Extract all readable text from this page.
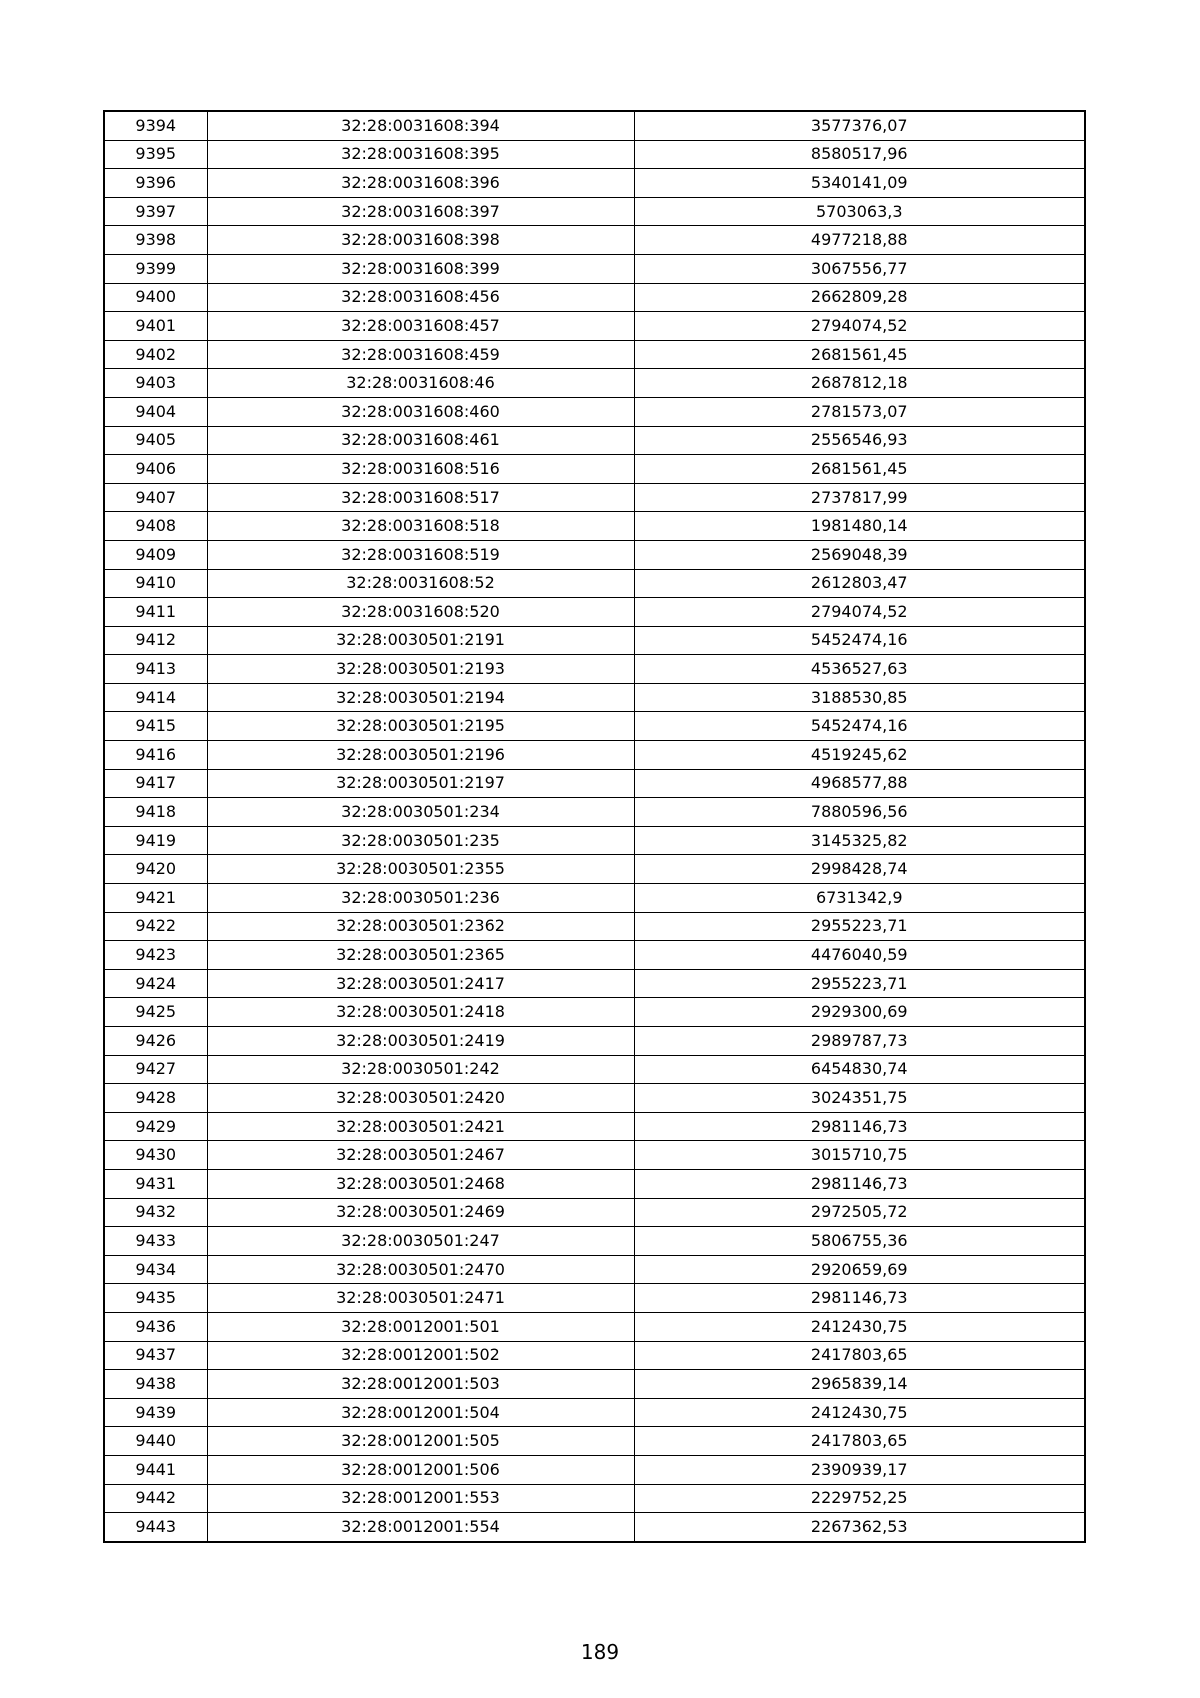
9394	32:28:0031608:394	3577376,07
9395	32:28:0031608:395	8580517,96
9396	32:28:0031608:396	5340141,09
9397	32:28:0031608:397	5703063,3
9398	32:28:0031608:398	4977218,88
9399	32:28:0031608:399	3067556,77
9400	32:28:0031608:456	2662809,28
9401	32:28:0031608:457	2794074,52
9402	32:28:0031608:459	2681561,45
9403	32:28:0031608:46	2687812,18
9404	32:28:0031608:460	2781573,07
9405	32:28:0031608:461	2556546,93
9406	32:28:0031608:516	2681561,45
9407	32:28:0031608:517	2737817,99
9408	32:28:0031608:518	1981480,14
9409	32:28:0031608:519	2569048,39
9410	32:28:0031608:52	2612803,47
9411	32:28:0031608:520	2794074,52
9412	32:28:0030501:2191	5452474,16
9413	32:28:0030501:2193	4536527,63
9414	32:28:0030501:2194	3188530,85
9415	32:28:0030501:2195	5452474,16
9416	32:28:0030501:2196	4519245,62
9417	32:28:0030501:2197	4968577,88
9418	32:28:0030501:234	7880596,56
9419	32:28:0030501:235	3145325,82
9420	32:28:0030501:2355	2998428,74
9421	32:28:0030501:236	6731342,9
9422	32:28:0030501:2362	2955223,71
9423	32:28:0030501:2365	4476040,59
9424	32:28:0030501:2417	2955223,71
9425	32:28:0030501:2418	2929300,69
9426	32:28:0030501:2419	2989787,73
9427	32:28:0030501:242	6454830,74
9428	32:28:0030501:2420	3024351,75
9429	32:28:0030501:2421	2981146,73
9430	32:28:0030501:2467	3015710,75
9431	32:28:0030501:2468	2981146,73
9432	32:28:0030501:2469	2972505,72
9433	32:28:0030501:247	5806755,36
9434	32:28:0030501:2470	2920659,69
9435	32:28:0030501:2471	2981146,73
9436	32:28:0012001:501	2412430,75
9437	32:28:0012001:502	2417803,65
9438	32:28:0012001:503	2965839,14
9439	32:28:0012001:504	2412430,75
9440	32:28:0012001:505	2417803,65
9441	32:28:0012001:506	2390939,17
9442	32:28:0012001:553	2229752,25
9443	32:28:0012001:554	2267362,53
189
